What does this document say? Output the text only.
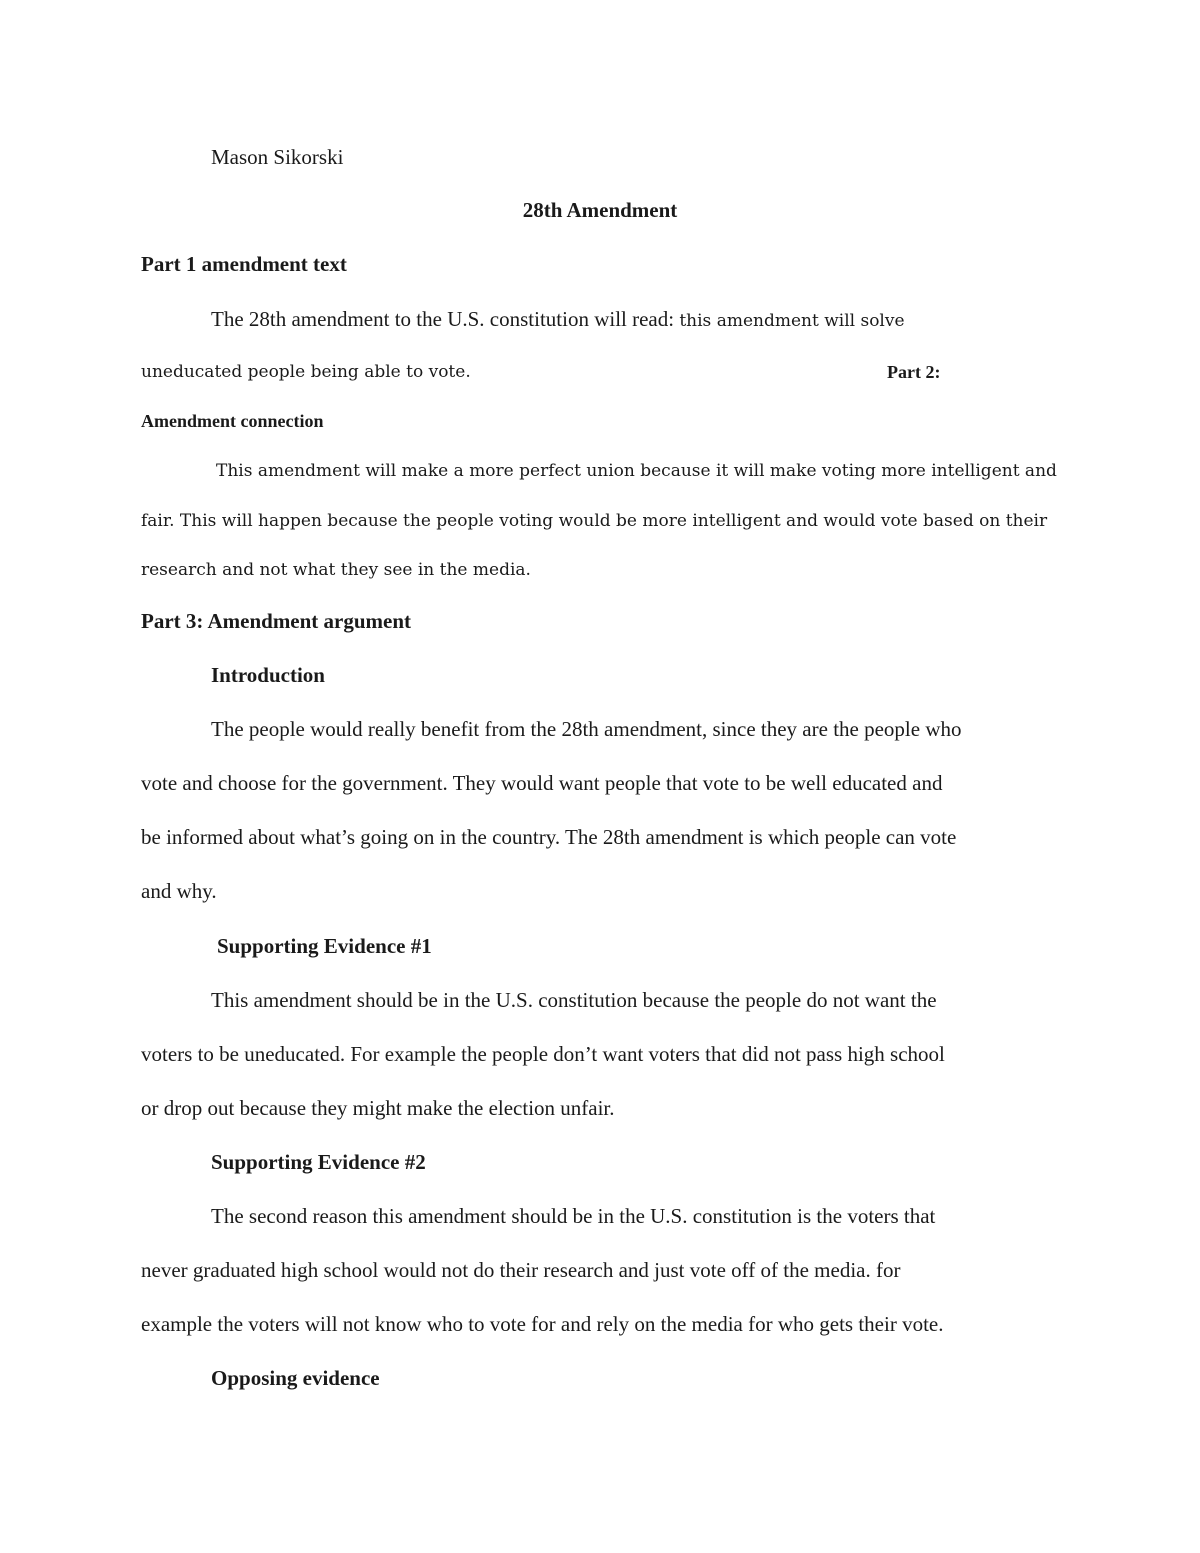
Mason Sikorski
28th Amendment
Part 1 amendment text
The 28th amendment to the U.S. constitution will read: this amendment will solve
uneducated people being able to vote.	Part 2:
Amendment connection
This amendment will make a more perfect union because it will make voting more intelligent and
fair. This will happen because the people voting would be more intelligent and would vote based on their
research and not what they see in the media.
Part 3: Amendment argument
Introduction
The people would really benefit from the 28th amendment, since they are the people who
vote and choose for the government. They would want people that vote to be well educated and
be informed about what’s going on in the country. The 28th amendment is which people can vote
and why.
Supporting Evidence #1
This amendment should be in the U.S. constitution because the people do not want the
voters to be uneducated. For example the people don’t want voters that did not pass high school
or drop out because they might make the election unfair.
Supporting Evidence #2
The second reason this amendment should be in the U.S. constitution is the voters that
never graduated high school would not do their research and just vote off of the media. for
example the voters will not know who to vote for and rely on the media for who gets their vote.
Opposing evidence
